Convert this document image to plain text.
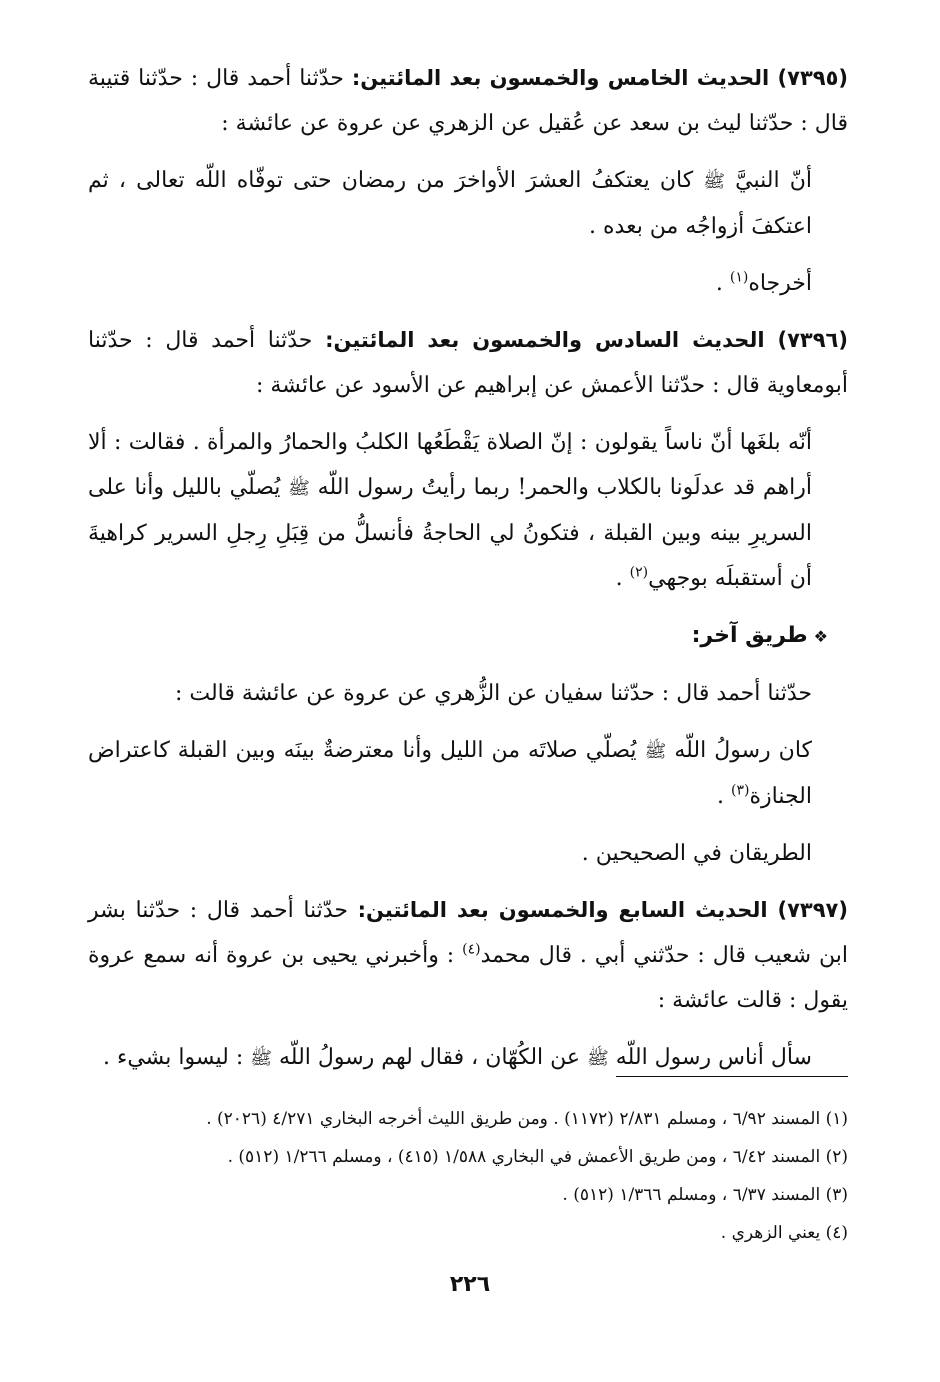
(٧٣٩٥) الحديث الخامس والخمسون بعد المائتين: حدّثنا أحمد قال : حدّثنا قتيبة قال : حدّثنا ليث بن سعد عن عُقيل عن الزهري عن عروة عن عائشة :

أنّ النبيَّ ﷺ كان يعتكفُ العشرَ الأواخرَ من رمضان حتى توفّاه اللّه تعالى ، ثم اعتكفَ أزواجُه من بعده .

أخرجاه$^{(١)}$ .

(٧٣٩٦) الحديث السادس والخمسون بعد المائتين: حدّثنا أحمد قال : حدّثنا أبومعاوية قال : حدّثنا الأعمش عن إبراهيم عن الأسود عن عائشة :

أنّه بلغَها أنّ ناساً يقولون : إنّ الصلاة يَقْطَعُها الكلبُ والحمارُ والمرأة . فقالت : ألا أراهم قد عدلَونا بالكلاب والحمر! ربما رأيتُ رسول اللّه ﷺ يُصلّي بالليل وأنا على السريرِ بينه وبين القبلة ، فتكونُ لي الحاجةُ فأنسلُّ من قِبَلِ رِجلِ السرير كراهيةَ أن أستقبلَه بوجهي$^{(٢)}$ .

❖طريق آخر:

حدّثنا أحمد قال : حدّثنا سفيان عن الزُّهري عن عروة عن عائشة قالت :

كان رسولُ اللّه ﷺ يُصلّي صلاتَه من الليل وأنا معترضةٌ بينَه وبين القبلة كاعتراض الجنازة$^{(٣)}$ .

الطريقان في الصحيحين .

(٧٣٩٧) الحديث السابع والخمسون بعد المائتين: حدّثنا أحمد قال : حدّثنا بشر ابن شعيب قال : حدّثني أبي . قال محمد$^{(٤)}$ : وأخبرني يحيى بن عروة أنه سمع عروة يقول : قالت عائشة :

سأل أناس رسول اللّه ﷺ عن الكُهّان ، فقال لهم رسولُ اللّه ﷺ : ليسوا بشيء .

(١) المسند ٦/٩٢ ، ومسلم ٢/٨٣١ (١١٧٢) . ومن طريق الليث أخرجه البخاري ٤/٢٧١ (٢٠٢٦) .

(٢) المسند ٦/٤٢ ، ومن طريق الأعمش في البخاري ١/٥٨٨ (٤١٥) ، ومسلم ١/٢٦٦ (٥١٢) .

(٣) المسند ٦/٣٧ ، ومسلم ١/٣٦٦ (٥١٢) .

(٤) يعني الزهري .

٢٢٦
